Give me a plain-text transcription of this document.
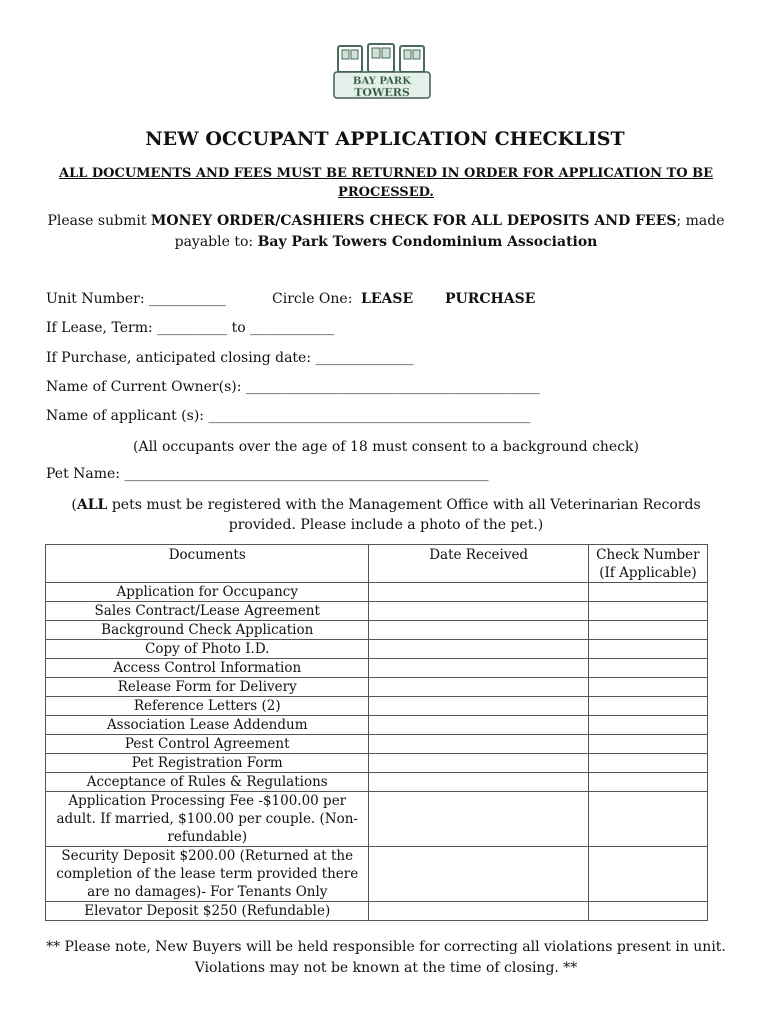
BAY PARK
TOWERS
NEW OCCUPANT APPLICATION CHECKLIST
ALL DOCUMENTS AND FEES MUST BE RETURNED IN ORDER FOR APPLICATION TO BE PROCESSED.
Please submit MONEY ORDER/CASHIERS CHECK FOR ALL DEPOSITS AND FEES; made payable to: Bay Park Towers Condominium Association
Unit Number: ___________	Circle One: LEASE PURCHASE
If Lease, Term: __________ to ____________
If Purchase, anticipated closing date: ______________
Name of Current Owner(s): __________________________________________
Name of applicant (s): ______________________________________________
(All occupants over the age of 18 must consent to a background check)
Pet Name: ____________________________________________________
(ALL pets must be registered with the Management Office with all Veterinarian Records provided. Please include a photo of the pet.)
Documents	Date Received	Check Number (If Applicable)
Application for Occupancy		
Sales Contract/Lease Agreement		
Background Check Application		
Copy of Photo I.D.		
Access Control Information		
Release Form for Delivery		
Reference Letters (2)		
Association Lease Addendum		
Pest Control Agreement		
Pet Registration Form		
Acceptance of Rules & Regulations		
Application Processing Fee -$100.00 per adult. If married, $100.00 per couple. (Non-refundable)		
Security Deposit $200.00 (Returned at the completion of the lease term provided there are no damages)- For Tenants Only		
Elevator Deposit $250 (Refundable)		
** Please note, New Buyers will be held responsible for correcting all violations present in unit. Violations may not be known at the time of closing. **
